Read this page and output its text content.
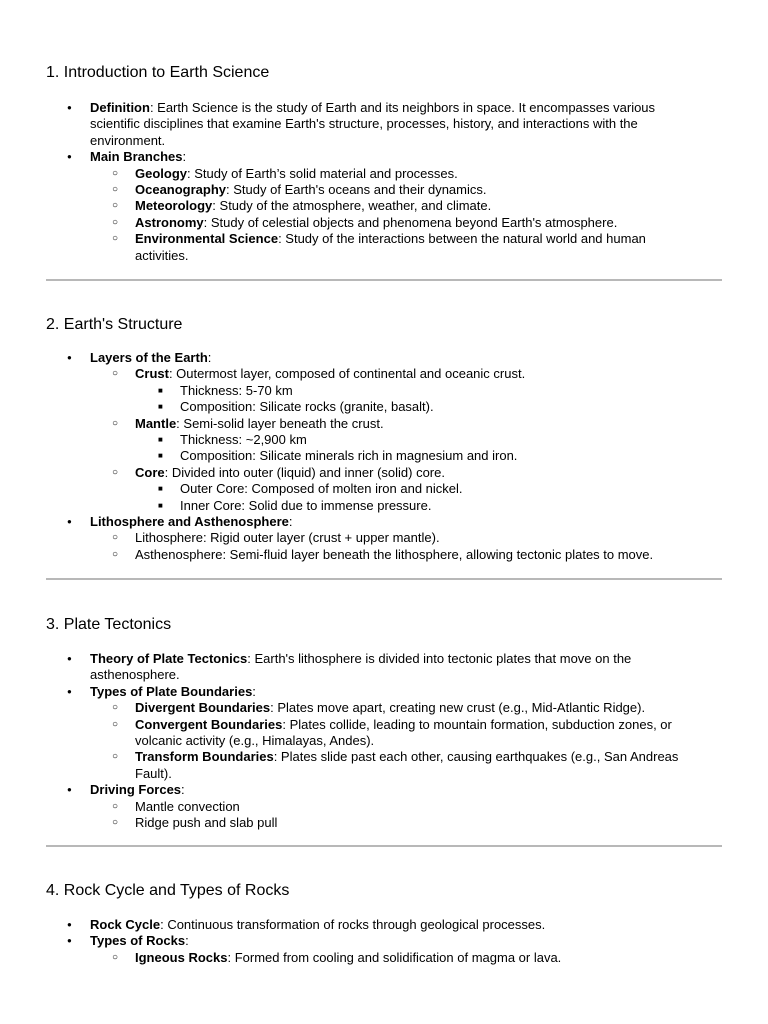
1. Introduction to Earth Science
● Definition: Earth Science is the study of Earth and its neighbors in space. It encompasses various scientific disciplines that examine Earth's structure, processes, history, and interactions with the environment.
● Main Branches:
○ Geology: Study of Earth’s solid material and processes.
○ Oceanography: Study of Earth's oceans and their dynamics.
○ Meteorology: Study of the atmosphere, weather, and climate.
○ Astronomy: Study of celestial objects and phenomena beyond Earth's atmosphere.
○ Environmental Science: Study of the interactions between the natural world and human activities.
2. Earth's Structure
● Layers of the Earth:
○ Crust: Outermost layer, composed of continental and oceanic crust.
■ Thickness: 5-70 km
■ Composition: Silicate rocks (granite, basalt).
○ Mantle: Semi-solid layer beneath the crust.
■ Thickness: ~2,900 km
■ Composition: Silicate minerals rich in magnesium and iron.
○ Core: Divided into outer (liquid) and inner (solid) core.
■ Outer Core: Composed of molten iron and nickel.
■ Inner Core: Solid due to immense pressure.
● Lithosphere and Asthenosphere:
○ Lithosphere: Rigid outer layer (crust + upper mantle).
○ Asthenosphere: Semi-fluid layer beneath the lithosphere, allowing tectonic plates to move.
3. Plate Tectonics
● Theory of Plate Tectonics: Earth's lithosphere is divided into tectonic plates that move on the asthenosphere.
● Types of Plate Boundaries:
○ Divergent Boundaries: Plates move apart, creating new crust (e.g., Mid-Atlantic Ridge).
○ Convergent Boundaries: Plates collide, leading to mountain formation, subduction zones, or volcanic activity (e.g., Himalayas, Andes).
○ Transform Boundaries: Plates slide past each other, causing earthquakes (e.g., San Andreas Fault).
● Driving Forces:
○ Mantle convection
○ Ridge push and slab pull
4. Rock Cycle and Types of Rocks
● Rock Cycle: Continuous transformation of rocks through geological processes.
● Types of Rocks:
○ Igneous Rocks: Formed from cooling and solidification of magma or lava.
